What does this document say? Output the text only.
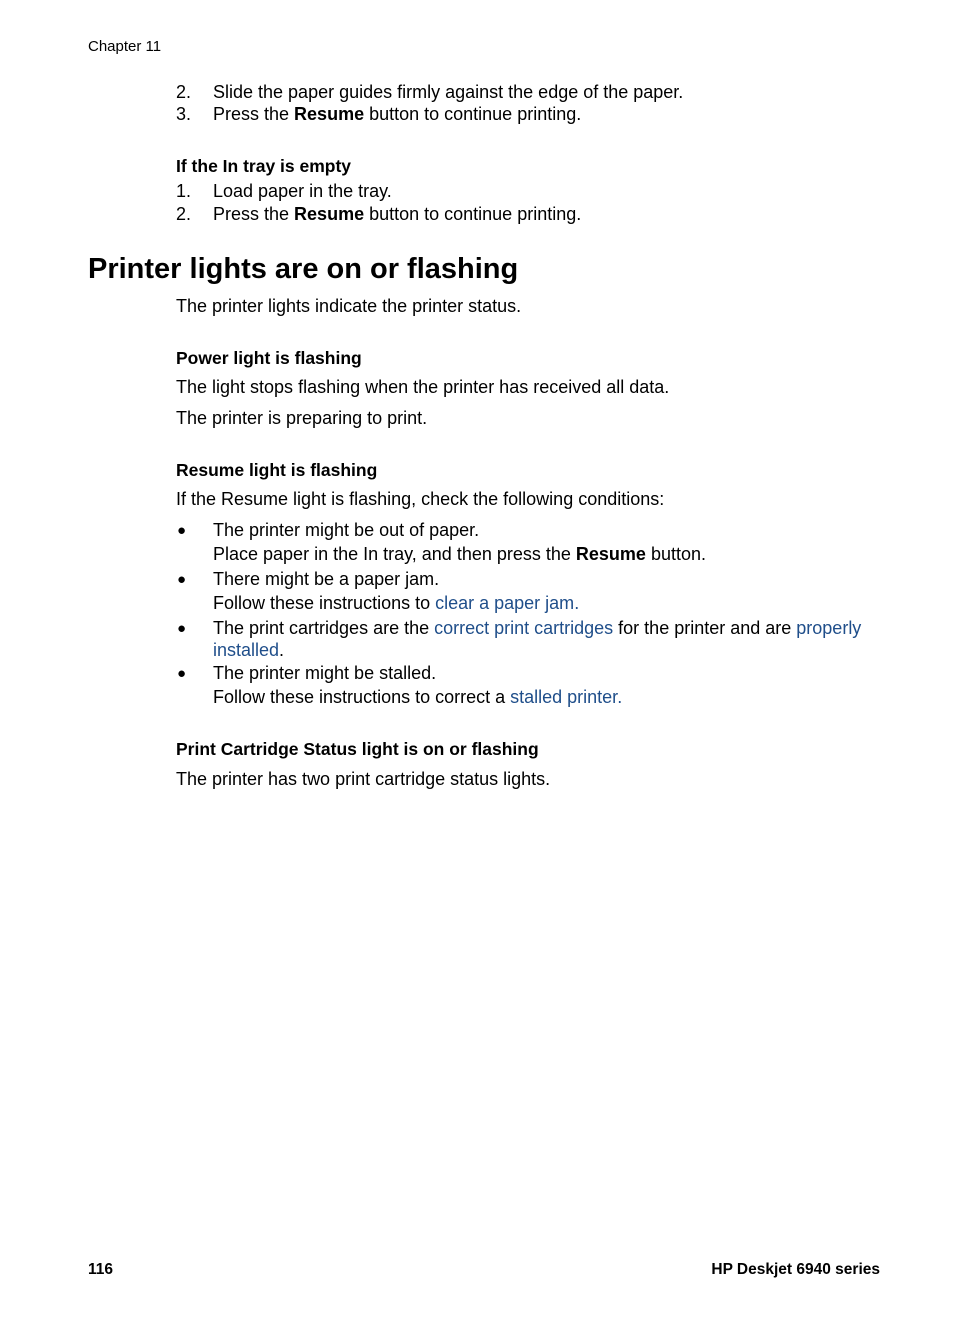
Chapter 11
2. Slide the paper guides firmly against the edge of the paper.
3. Press the Resume button to continue printing.
If the In tray is empty
1. Load paper in the tray.
2. Press the Resume button to continue printing.
Printer lights are on or flashing
The printer lights indicate the printer status.
Power light is flashing
The light stops flashing when the printer has received all data.
The printer is preparing to print.
Resume light is flashing
If the Resume light is flashing, check the following conditions:
● The printer might be out of paper.
Place paper in the In tray, and then press the Resume button.
● There might be a paper jam.
Follow these instructions to clear a paper jam.
● The print cartridges are the correct print cartridges for the printer and are properly
installed.
● The printer might be stalled.
Follow these instructions to correct a stalled printer.
Print Cartridge Status light is on or flashing
The printer has two print cartridge status lights.
116	HP Deskjet 6940 series
